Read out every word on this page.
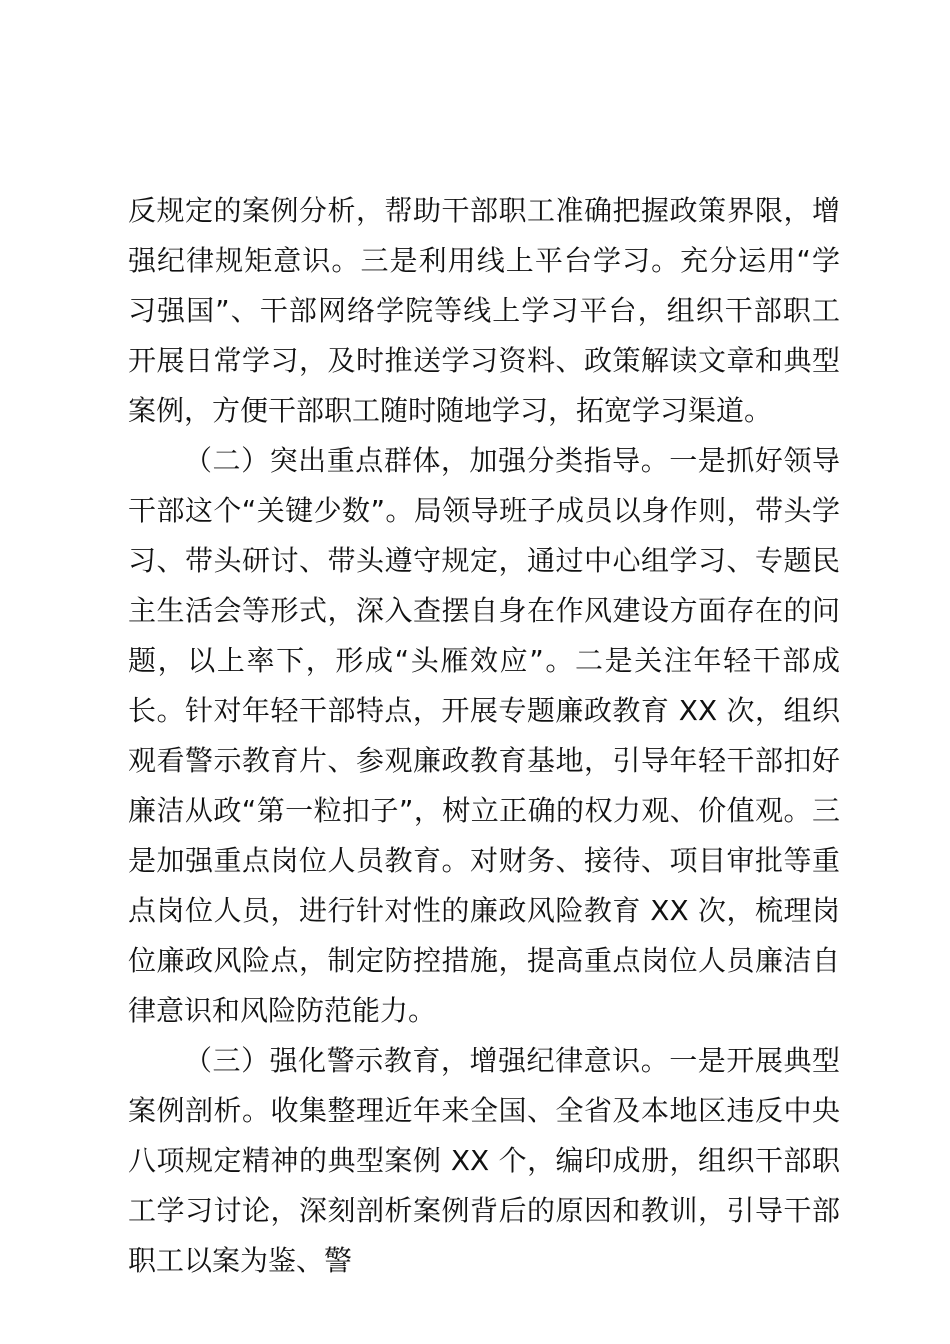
反规定的案例分析，帮助干部职工准确把握政策界限，增强纪律规矩意识。三是利用线上平台学习。充分运用“学习强国”、干部网络学院等线上学习平台，组织干部职工开展日常学习，及时推送学习资料、政策解读文章和典型案例，方便干部职工随时随地学习，拓宽学习渠道。

（二）突出重点群体，加强分类指导。一是抓好领导干部这个“关键少数”。局领导班子成员以身作则，带头学习、带头研讨、带头遵守规定，通过中心组学习、专题民主生活会等形式，深入查摆自身在作风建设方面存在的问题，以上率下，形成“头雁效应”。二是关注年轻干部成长。针对年轻干部特点，开展专题廉政教育 XX 次，组织观看警示教育片、参观廉政教育基地，引导年轻干部扣好廉洁从政“第一粒扣子”，树立正确的权力观、价值观。三是加强重点岗位人员教育。对财务、接待、项目审批等重点岗位人员，进行针对性的廉政风险教育 XX 次，梳理岗位廉政风险点，制定防控措施，提高重点岗位人员廉洁自律意识和风险防范能力。

（三）强化警示教育，增强纪律意识。一是开展典型案例剖析。收集整理近年来全国、全省及本地区违反中央八项规定精神的典型案例 XX 个，编印成册，组织干部职工学习讨论，深刻剖析案例背后的原因和教训，引导干部职工以案为鉴、警
